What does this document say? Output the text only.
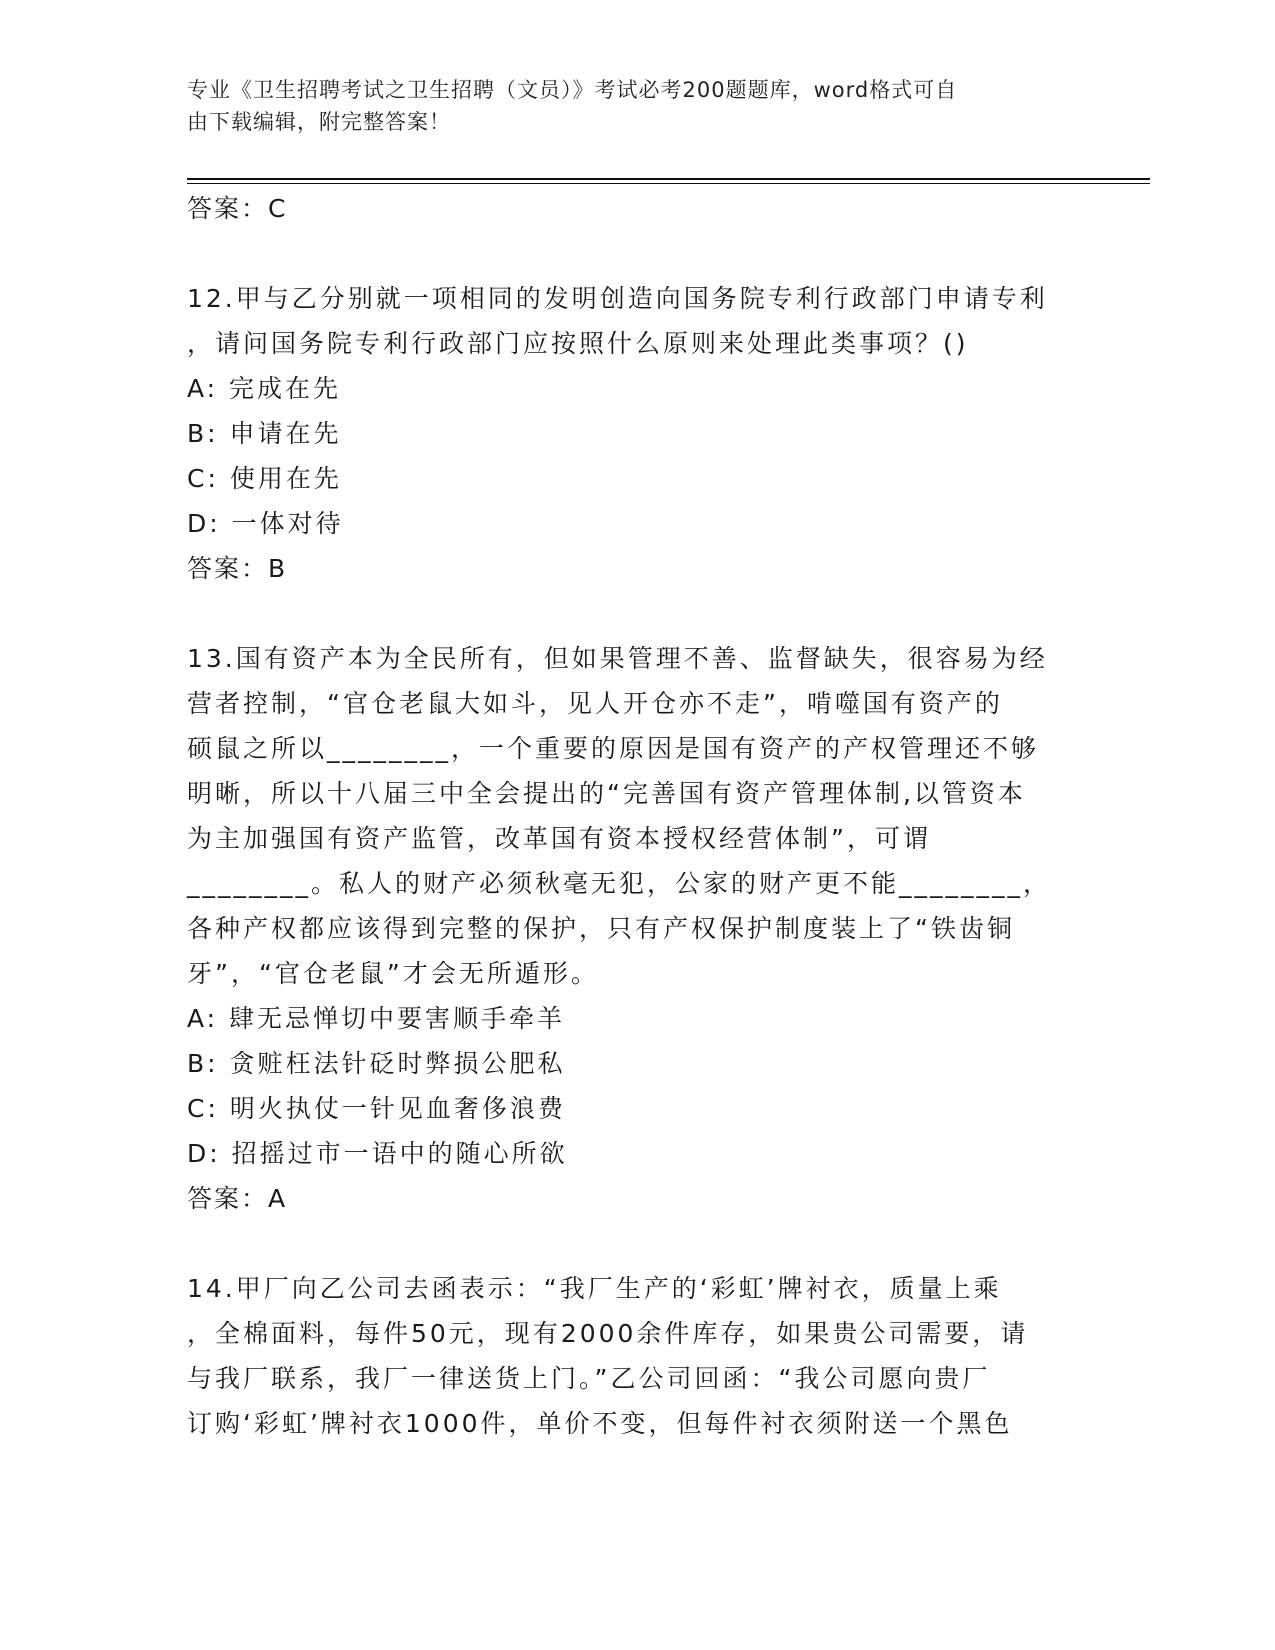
专业《卫生招聘考试之卫生招聘（文员）》考试必考200题题库，word格式可自
由下载编辑，附完整答案！
答案：C
12.甲与乙分别就一项相同的发明创造向国务院专利行政部门申请专利
，请问国务院专利行政部门应按照什么原则来处理此类事项？()
A: 完成在先
B: 申请在先
C: 使用在先
D: 一体对待
答案：B
13.国有资产本为全民所有，但如果管理不善、监督缺失，很容易为经
营者控制，“官仓老鼠大如斗，见人开仓亦不走”，啃噬国有资产的
硕鼠之所以________，一个重要的原因是国有资产的产权管理还不够
明晰，所以十八届三中全会提出的“完善国有资产管理体制,以管资本
为主加强国有资产监管，改革国有资本授权经营体制”，可谓
________。私人的财产必须秋毫无犯，公家的财产更不能________，
各种产权都应该得到完整的保护，只有产权保护制度装上了“铁齿铜
牙”，“官仓老鼠”才会无所遁形。
A: 肆无忌惮切中要害顺手牵羊
B: 贪赃枉法针砭时弊损公肥私
C: 明火执仗一针见血奢侈浪费
D: 招摇过市一语中的随心所欲
答案：A
14.甲厂向乙公司去函表示：“我厂生产的‘彩虹’牌衬衣，质量上乘
，全棉面料，每件50元，现有2000余件库存，如果贵公司需要，请
与我厂联系，我厂一律送货上门。”乙公司回函：“我公司愿向贵厂
订购‘彩虹’牌衬衣1000件，单价不变，但每件衬衣须附送一个黑色
